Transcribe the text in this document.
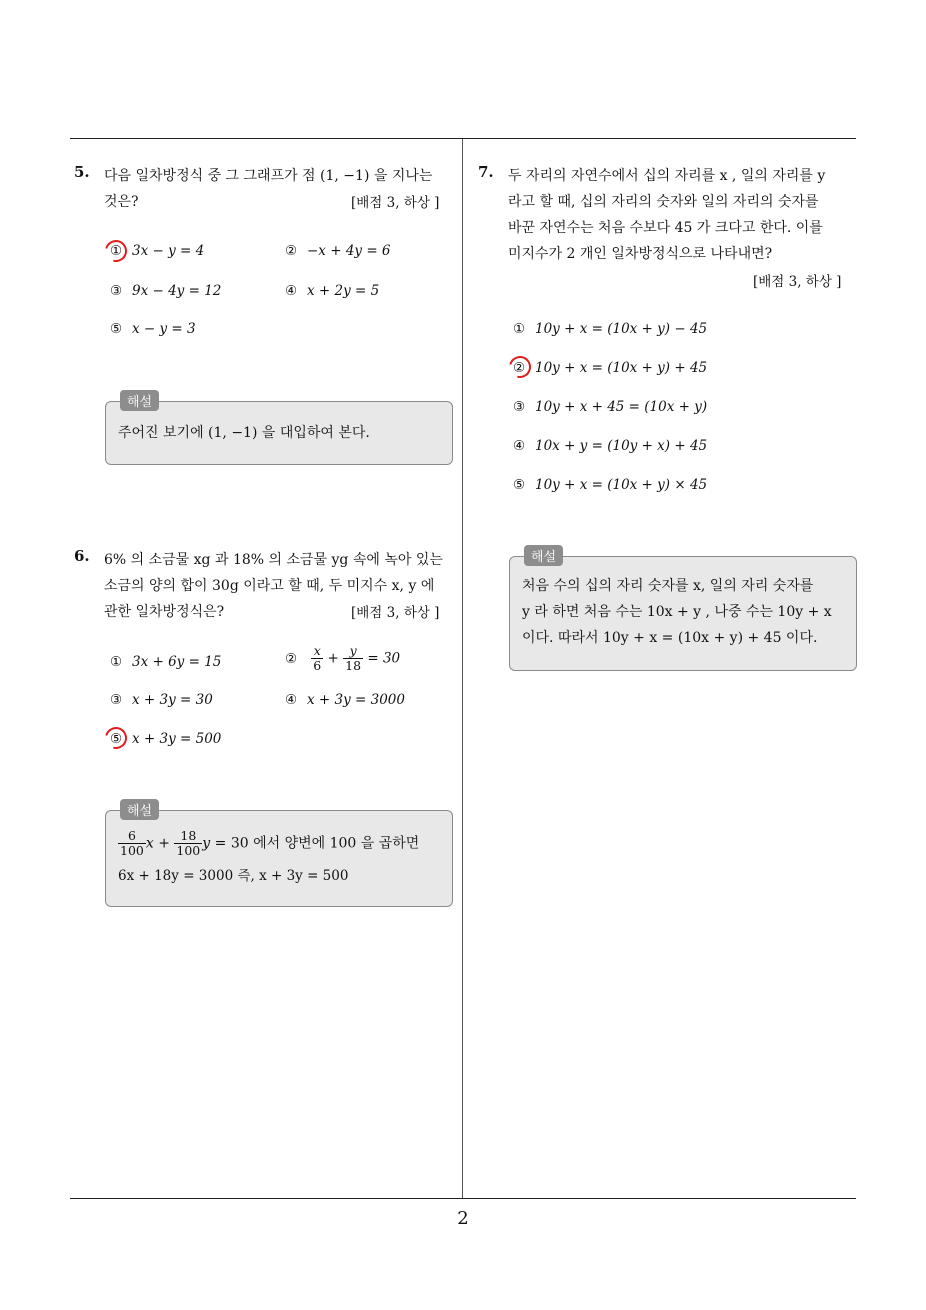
5. 다음 일차방정식 중 그 그래프가 점 (1, −1) 을 지나는
것은?	[배점 3, 하상 ]
① 3x − y = 4	② −x + 4y = 6
③ 9x − 4y = 12	④ x + 2y = 5
⑤ x − y = 3
해설
주어진 보기에 (1, −1) 을 대입하여 본다.
6. 6% 의 소금물 xg 과 18% 의 소금물 yg 속에 녹아 있는
소금의 양의 합이 30g 이라고 할 때, 두 미지수 x, y 에
관한 일차방정식은?	[배점 3, 하상 ]
① 3x + 6y = 15	② $\frac{x}{6} + \frac{y}{18} = 30$
③ x + 3y = 30	④ x + 3y = 3000
⑤ x + 3y = 500
해설
$\frac{6}{100}$ $x + \frac{18}{100}$ y = 30 에서 양변에 100 을 곱하면
6x + 18y = 3000 즉, x + 3y = 500
7. 두 자리의 자연수에서 십의 자리를 x , 일의 자리를 y
라고 할 때, 십의 자리의 숫자와 일의 자리의 숫자를
바꾼 자연수는 처음 수보다 45 가 크다고 한다. 이를
미지수가 2 개인 일차방정식으로 나타내면?
[배점 3, 하상 ]
① 10y + x = (10x + y) − 45
② 10y + x = (10x + y) + 45
③ 10y + x + 45 = (10x + y)
④ 10x + y = (10y + x) + 45
⑤ 10y + x = (10x + y) × 45
해설
처음 수의 십의 자리 숫자를 x, 일의 자리 숫자를
y 라 하면 처음 수는 10x + y , 나중 수는 10y + x
이다. 따라서 10y + x = (10x + y) + 45 이다.
2
